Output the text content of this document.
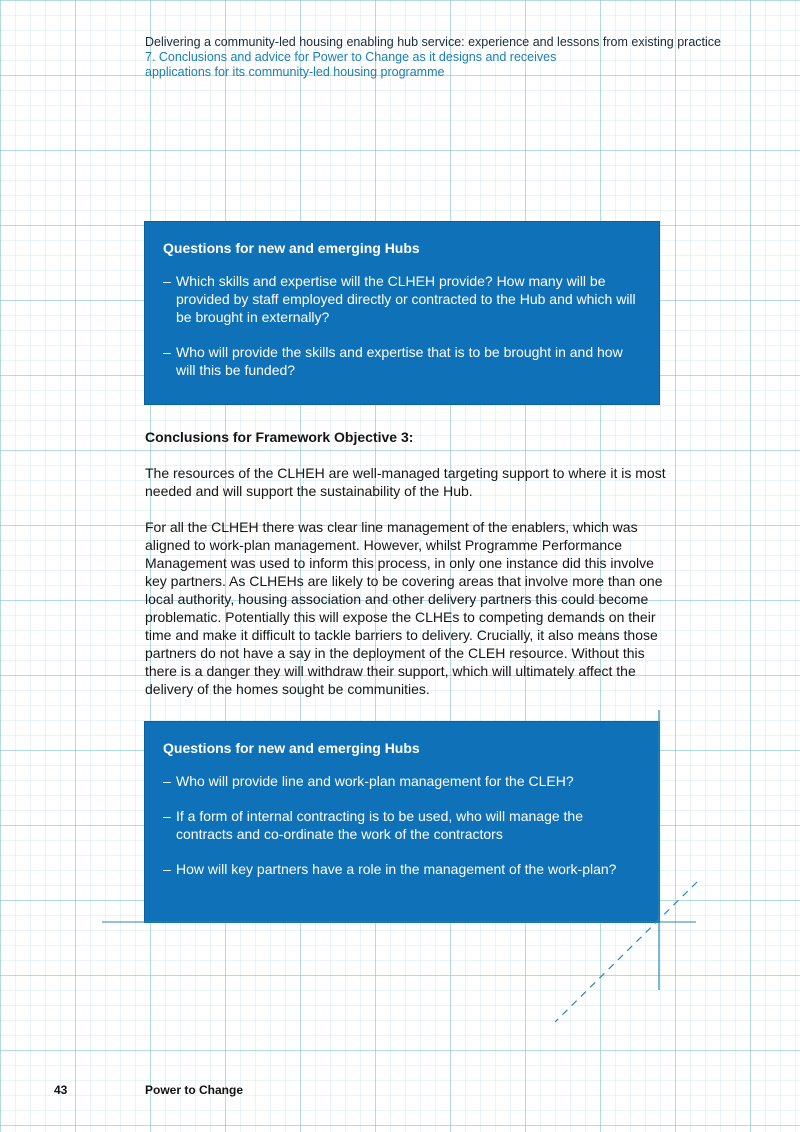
Delivering a community-led housing enabling hub service: experience and lessons from existing practice
7. Conclusions and advice for Power to Change as it designs and receives applications for its community-led housing programme
Questions for new and emerging Hubs
– Which skills and expertise will the CLHEH provide? How many will be provided by staff employed directly or contracted to the Hub and which will be brought in externally?
– Who will provide the skills and expertise that is to be brought in and how will this be funded?
Conclusions for Framework Objective 3:

The resources of the CLHEH are well-managed targeting support to where it is most needed and will support the sustainability of the Hub.

For all the CLHEH there was clear line management of the enablers, which was aligned to work-plan management. However, whilst Programme Performance Management was used to inform this process, in only one instance did this involve key partners. As CLHEHs are likely to be covering areas that involve more than one local authority, housing association and other delivery partners this could become problematic. Potentially this will expose the CLHEs to competing demands on their time and make it difficult to tackle barriers to delivery. Crucially, it also means those partners do not have a say in the deployment of the CLEH resource. Without this there is a danger they will withdraw their support, which will ultimately affect the delivery of the homes sought be communities.

Questions for new and emerging Hubs
– Who will provide line and work-plan management for the CLEH?
– If a form of internal contracting is to be used, who will manage the contracts and co-ordinate the work of the contractors
– How will key partners have a role in the management of the work-plan?
43	Power to Change
